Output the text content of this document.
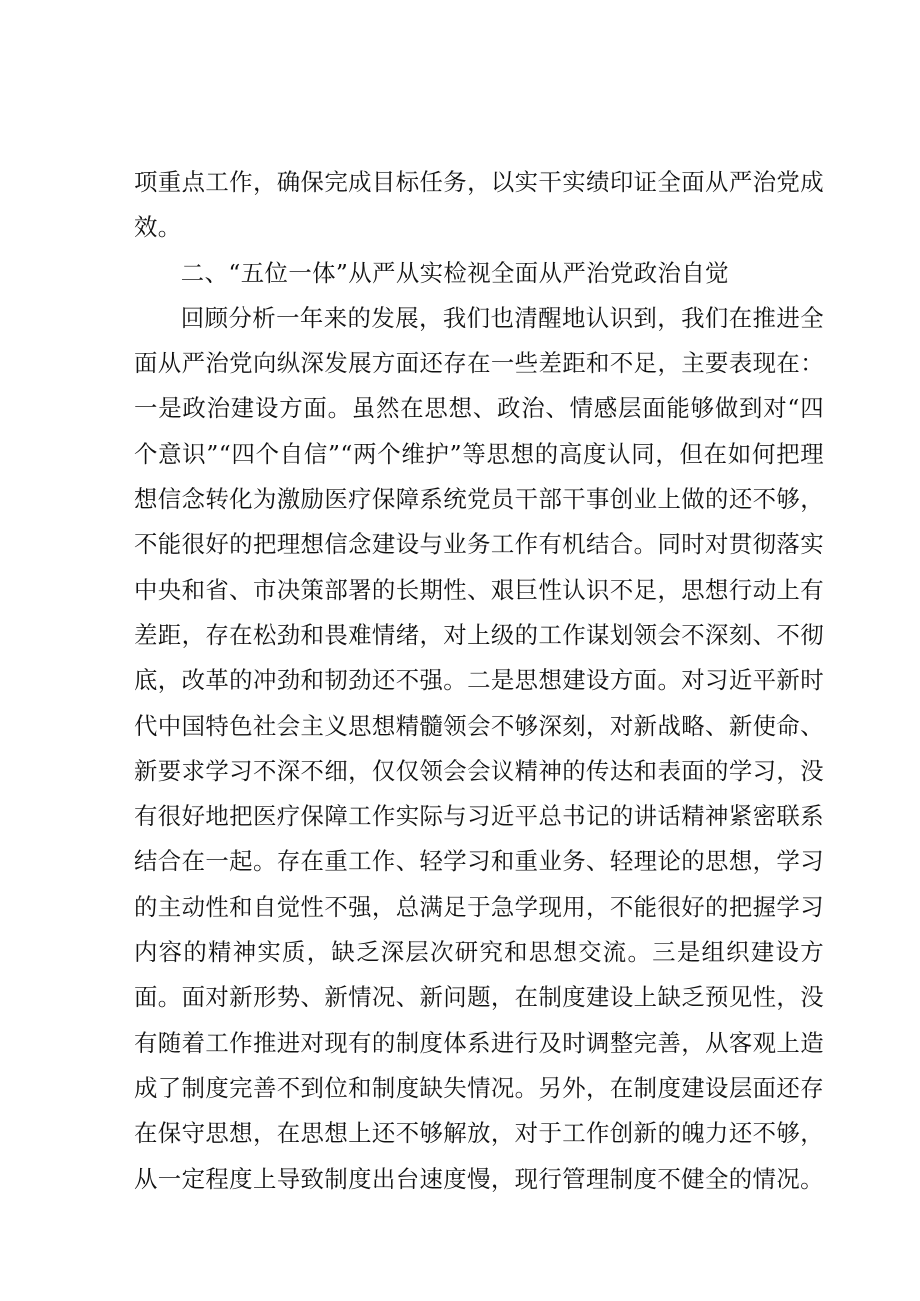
项重点工作，确保完成目标任务，以实干实绩印证全面从严治党成效。

二、“五位一体”从严从实检视全面从严治党政治自觉

回顾分析一年来的发展，我们也清醒地认识到，我们在推进全面从严治党向纵深发展方面还存在一些差距和不足，主要表现在：一是政治建设方面。虽然在思想、政治、情感层面能够做到对“四个意识”“四个自信”“两个维护”等思想的高度认同，但在如何把理想信念转化为激励医疗保障系统党员干部干事创业上做的还不够，不能很好的把理想信念建设与业务工作有机结合。同时对贯彻落实中央和省、市决策部署的长期性、艰巨性认识不足，思想行动上有差距，存在松劲和畏难情绪，对上级的工作谋划领会不深刻、不彻底，改革的冲劲和韧劲还不强。二是思想建设方面。对习近平新时代中国特色社会主义思想精髓领会不够深刻，对新战略、新使命、新要求学习不深不细，仅仅领会会议精神的传达和表面的学习，没有很好地把医疗保障工作实际与习近平总书记的讲话精神紧密联系结合在一起。存在重工作、轻学习和重业务、轻理论的思想，学习的主动性和自觉性不强，总满足于急学现用，不能很好的把握学习内容的精神实质，缺乏深层次研究和思想交流。三是组织建设方面。面对新形势、新情况、新问题，在制度建设上缺乏预见性，没有随着工作推进对现有的制度体系进行及时调整完善，从客观上造成了制度完善不到位和制度缺失情况。另外，在制度建设层面还存在保守思想，在思想上还不够解放，对于工作创新的魄力还不够，从一定程度上导致制度出台速度慢，现行管理制度不健全的情况。
